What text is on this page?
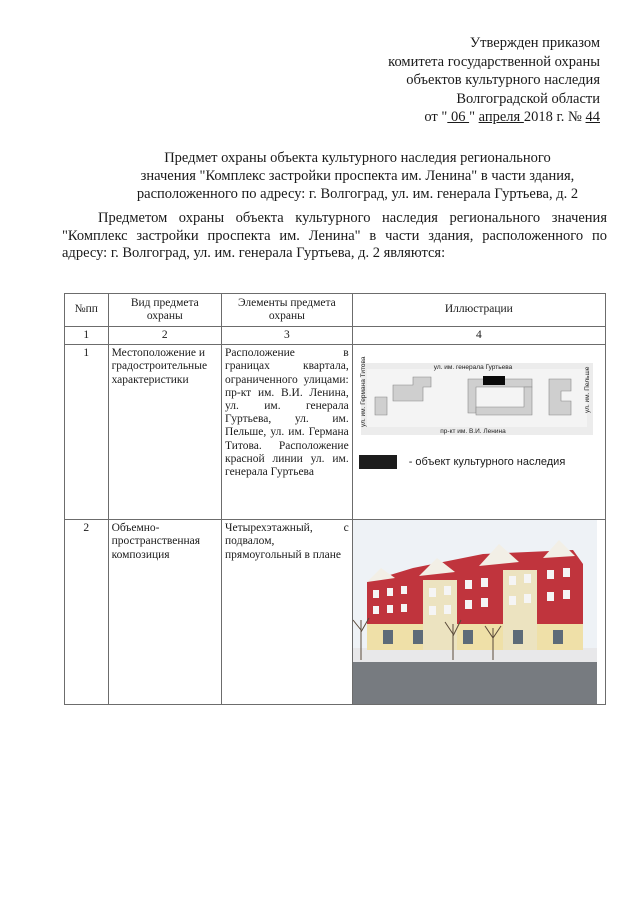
Утвержден приказом
комитета государственной охраны
объектов культурного наследия
Волгоградской области
от " 06 " апреля 2018 г. № 44
Предмет охраны объекта культурного наследия регионального
значения "Комплекс застройки проспекта им. Ленина" в части здания,
расположенного по адресу: г. Волгоград, ул. им. генерала Гуртьева, д. 2
Предметом охраны объекта культурного наследия регионального значения "Комплекс застройки проспекта им. Ленина" в части здания, расположенного по адресу: г. Волгоград, ул. им. генерала Гуртьева, д. 2 являются:
№пп	Вид предмета охраны	Элементы предмета охраны	Иллюстрации
1	2	3	4
1	Местоположение и градостроительные характеристики	Расположение в границах квартала, ограниченного улицами: пр-кт им. В.И. Ленина, ул. им. генерала Гуртьева, ул. им. Пельше, ул. им. Германа Титова. Расположение красной линии ул. им. генерала Гуртьева	ул. им. генерала Гуртьева
пр-кт им. В.И. Ленина
ул. им. Германа Титова ул. им. Пельше
- объект культурного наследия

2	Объемно-пространственная композиция	Четырехэтажный, с подвалом, прямоугольный в плане	
